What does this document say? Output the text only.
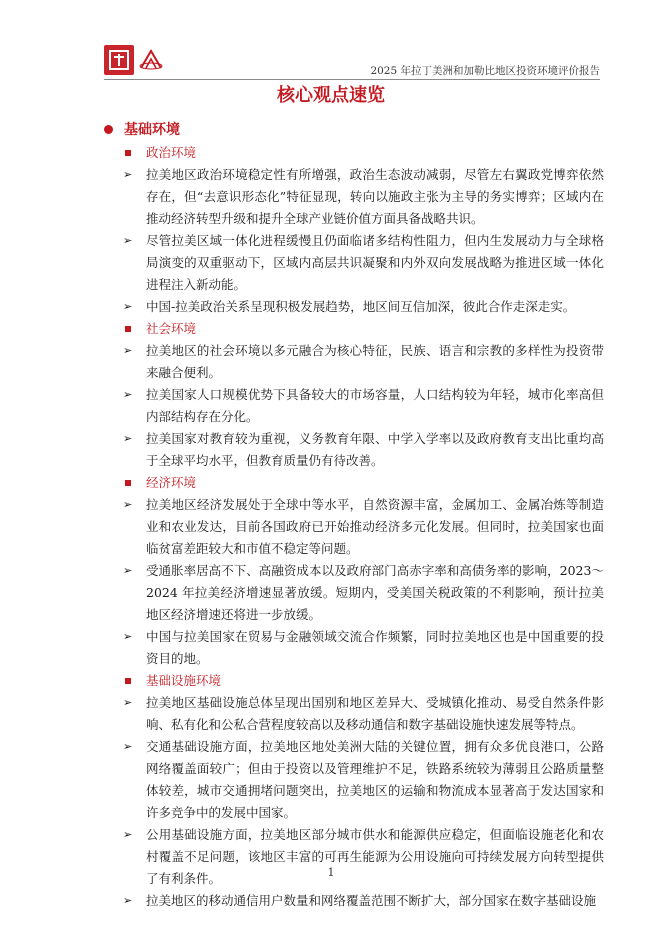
2025 年拉丁美洲和加勒比地区投资环境评价报告
核心观点速览
基础环境
政治环境
➢ 拉美地区政治环境稳定性有所增强，政治生态波动减弱，尽管左右翼政党博弈依然存在，但“去意识形态化”特征显现，转向以施政主张为主导的务实博弈；区域内在推动经济转型升级和提升全球产业链价值方面具备战略共识。
➢ 尽管拉美区域一体化进程缓慢且仍面临诸多结构性阻力，但内生发展动力与全球格局演变的双重驱动下，区域内高层共识凝聚和内外双向发展战略为推进区域一体化进程注入新动能。
➢ 中国-拉美政治关系呈现积极发展趋势，地区间互信加深，彼此合作走深走实。
社会环境
➢ 拉美地区的社会环境以多元融合为核心特征，民族、语言和宗教的多样性为投资带来融合便利。
➢ 拉美国家人口规模优势下具备较大的市场容量，人口结构较为年轻，城市化率高但内部结构存在分化。
➢ 拉美国家对教育较为重视，义务教育年限、中学入学率以及政府教育支出比重均高于全球平均水平，但教育质量仍有待改善。
经济环境
➢ 拉美地区经济发展处于全球中等水平，自然资源丰富，金属加工、金属冶炼等制造业和农业发达，目前各国政府已开始推动经济多元化发展。但同时，拉美国家也面临贫富差距较大和市值不稳定等问题。
➢ 受通胀率居高不下、高融资成本以及政府部门高赤字率和高债务率的影响，2023～2024 年拉美经济增速显著放缓。短期内，受美国关税政策的不利影响，预计拉美地区经济增速还将进一步放缓。
➢ 中国与拉美国家在贸易与金融领域交流合作频繁，同时拉美地区也是中国重要的投资目的地。
基础设施环境
➢ 拉美地区基础设施总体呈现出国别和地区差异大、受城镇化推动、易受自然条件影响、私有化和公私合营程度较高以及移动通信和数字基础设施快速发展等特点。
➢ 交通基础设施方面，拉美地区地处美洲大陆的关键位置，拥有众多优良港口，公路网络覆盖面较广；但由于投资以及管理维护不足，铁路系统较为薄弱且公路质量整体较差，城市交通拥堵问题突出，拉美地区的运输和物流成本显著高于发达国家和许多竞争中的发展中国家。
➢ 公用基础设施方面，拉美地区部分城市供水和能源供应稳定，但面临设施老化和农村覆盖不足问题，该地区丰富的可再生能源为公用设施向可持续发展方向转型提供了有利条件。
➢ 拉美地区的移动通信用户数量和网络覆盖范围不断扩大，部分国家在数字基础设施
1
